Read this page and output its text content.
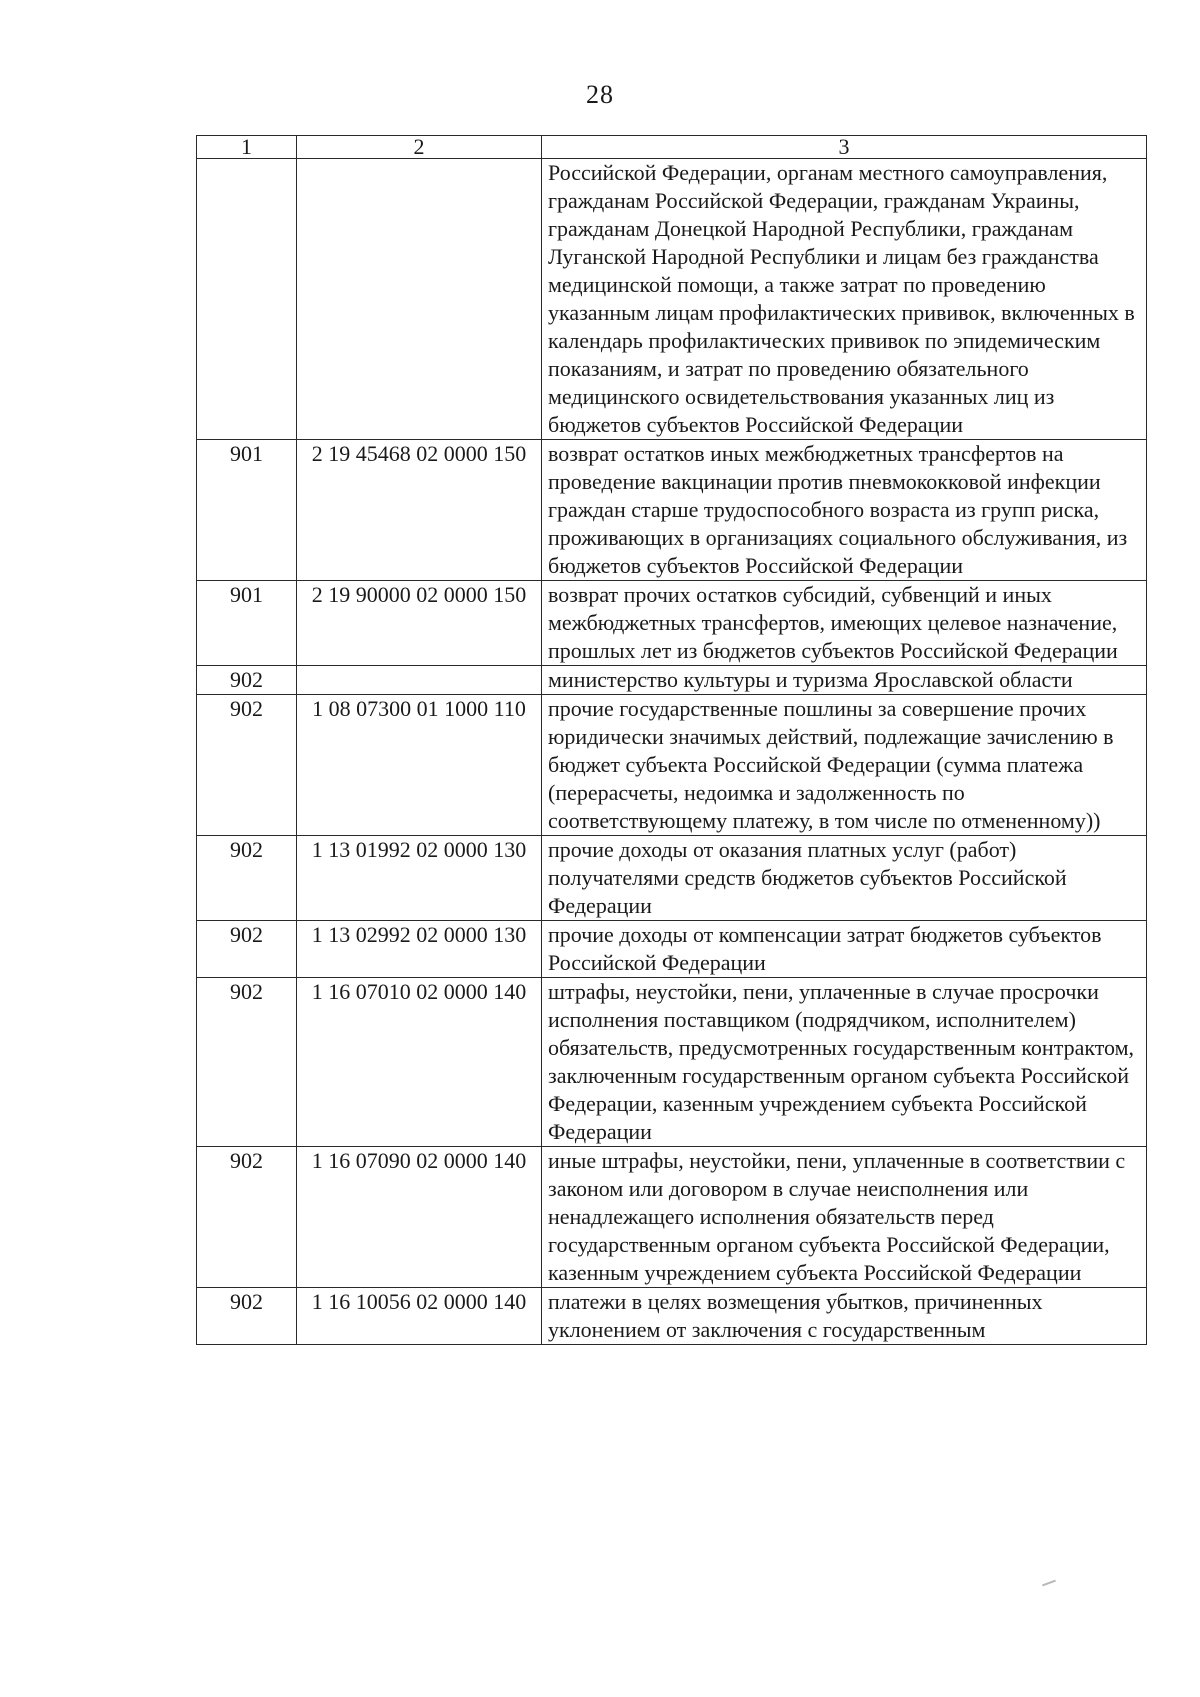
28
1	2	3
		Российской Федерации, органам местного самоуправления, гражданам Российской Федерации, гражданам Украины, гражданам Донецкой Народной Республики, гражданам Луганской Народной Республики и лицам без гражданства медицинской помощи, а также затрат по проведению указанным лицам профилактических прививок, включенных в календарь профилактических прививок по эпидемическим показаниям, и затрат по проведению обязательного медицинского освидетельствования указанных лиц из бюджетов субъектов Российской Федерации
901	2 19 45468 02 0000 150	возврат остатков иных межбюджетных трансфертов на проведение вакцинации против пневмококковой инфекции граждан старше трудоспособного возраста из групп риска, проживающих в организациях социального обслуживания, из бюджетов субъектов Российской Федерации
901	2 19 90000 02 0000 150	возврат прочих остатков субсидий, субвенций и иных межбюджетных трансфертов, имеющих целевое назначение, прошлых лет из бюджетов субъектов Российской Федерации
902		министерство культуры и туризма Ярославской области
902	1 08 07300 01 1000 110	прочие государственные пошлины за совершение прочих юридически значимых действий, подлежащие зачислению в бюджет субъекта Российской Федерации (сумма платежа (перерасчеты, недоимка и задолженность по соответствующему платежу, в том числе по отмененному))
902	1 13 01992 02 0000 130	прочие доходы от оказания платных услуг (работ) получателями средств бюджетов субъектов Российской Федерации
902	1 13 02992 02 0000 130	прочие доходы от компенсации затрат бюджетов субъектов Российской Федерации
902	1 16 07010 02 0000 140	штрафы, неустойки, пени, уплаченные в случае просрочки исполнения поставщиком (подрядчиком, исполнителем) обязательств, предусмотренных государственным контрактом, заключенным государственным органом субъекта Российской Федерации, казенным учреждением субъекта Российской Федерации
902	1 16 07090 02 0000 140	иные штрафы, неустойки, пени, уплаченные в соответствии с законом или договором в случае неисполнения или ненадлежащего исполнения обязательств перед государственным органом субъекта Российской Федерации, казенным учреждением субъекта Российской Федерации
902	1 16 10056 02 0000 140	платежи в целях возмещения убытков, причиненных уклонением от заключения с государственным
